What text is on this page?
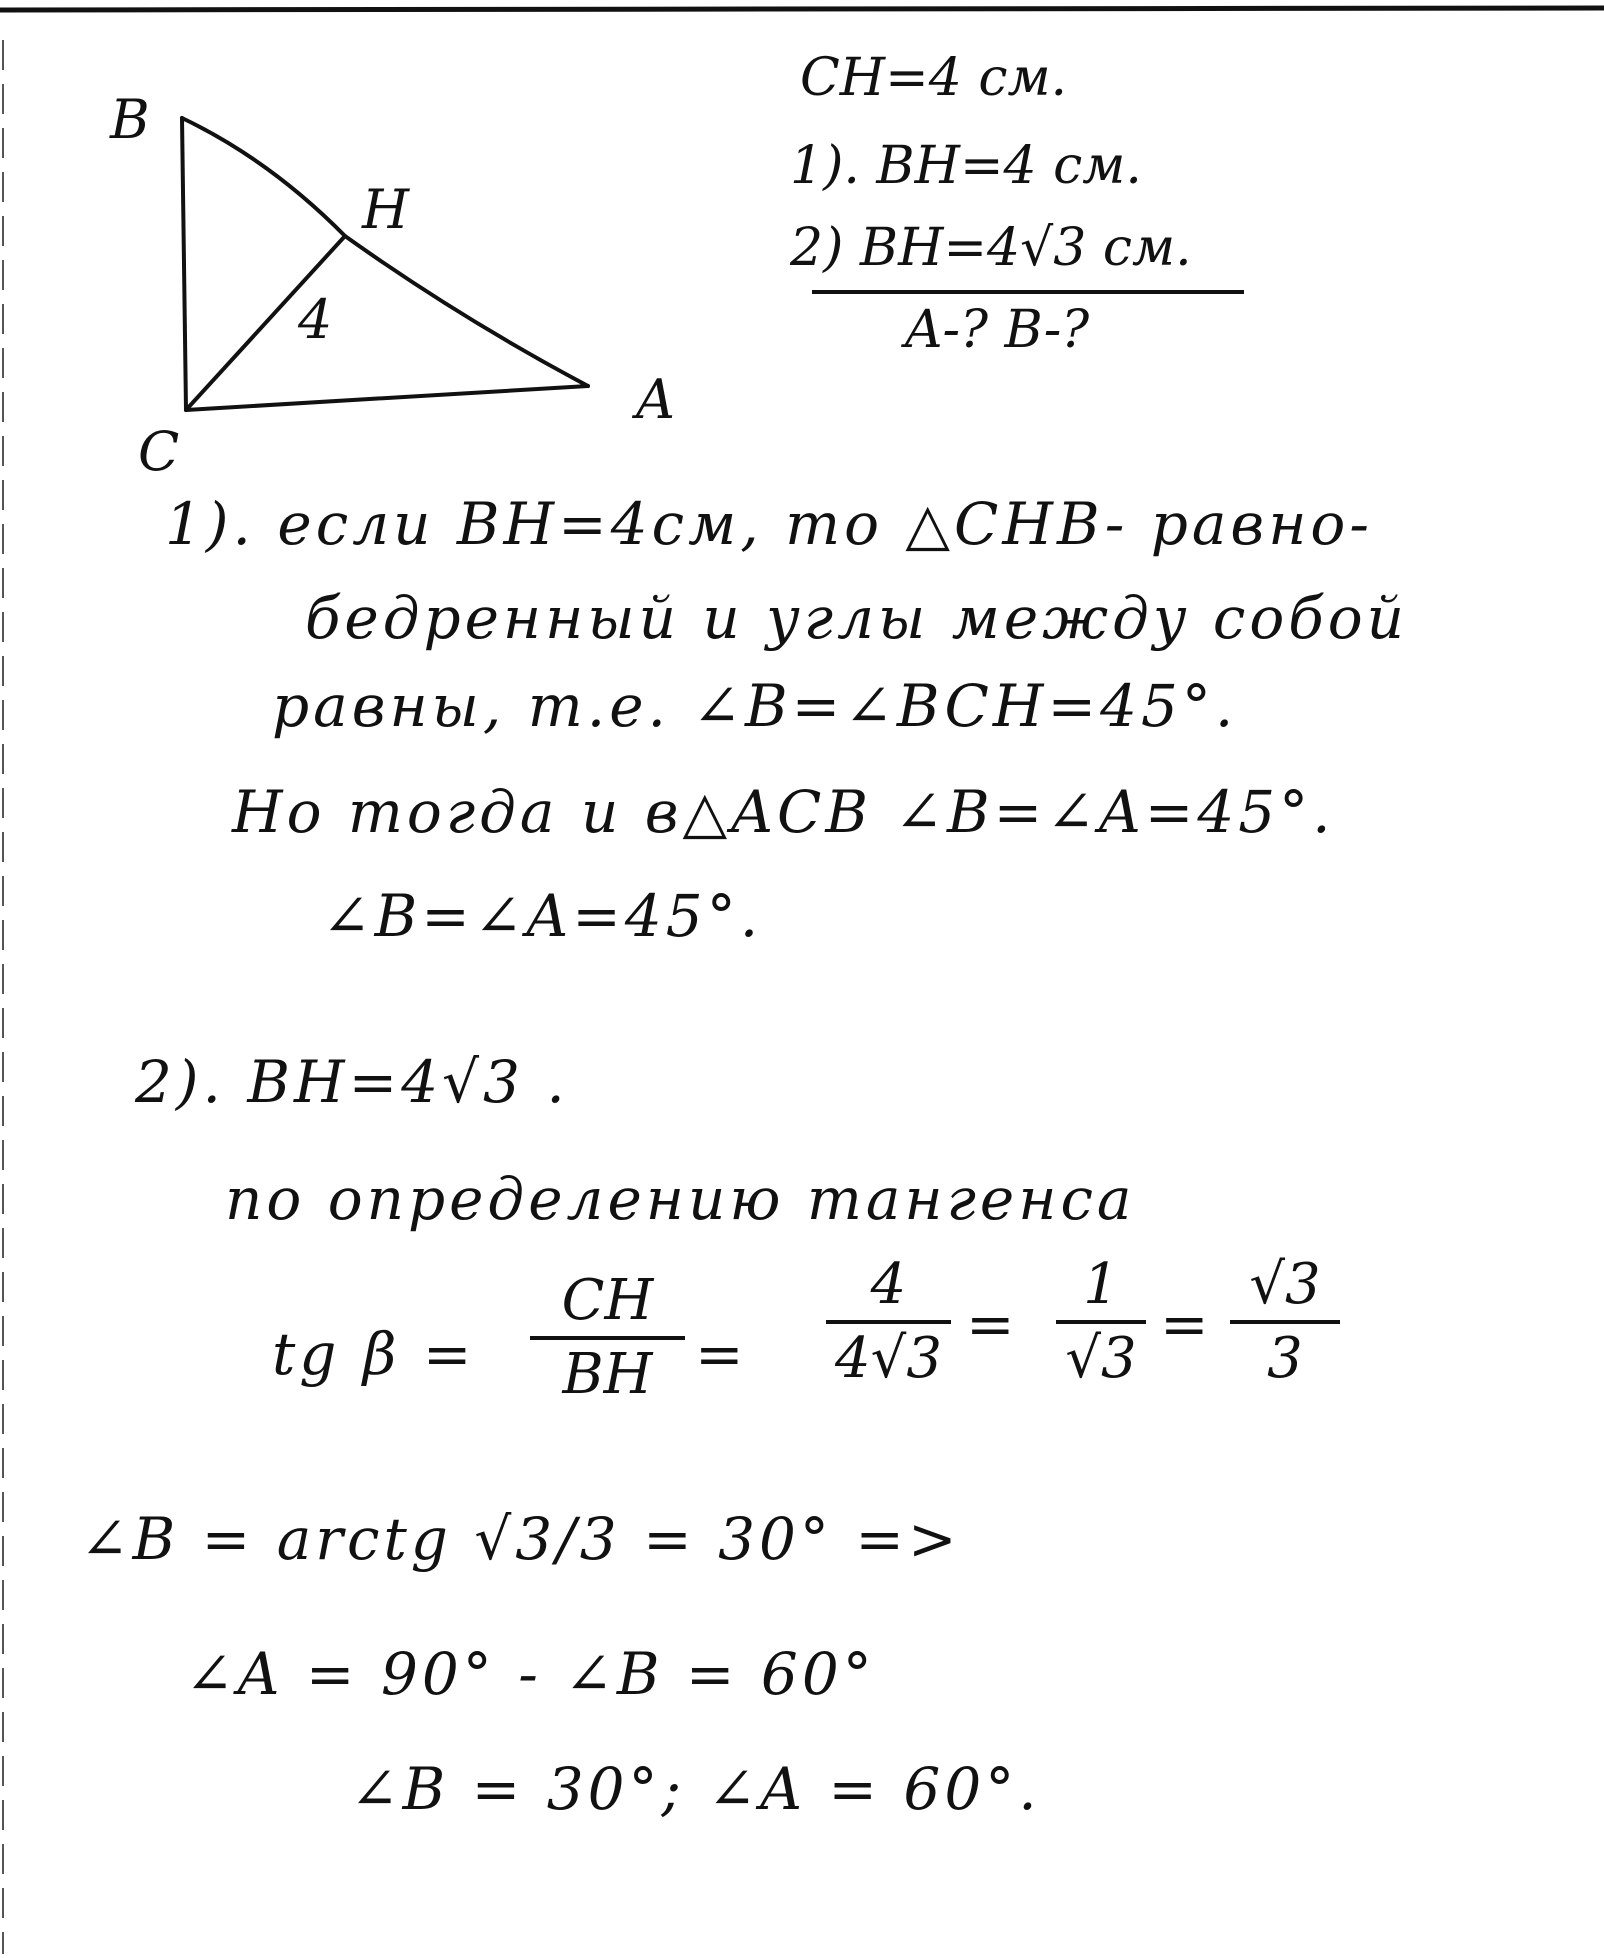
B
H
C
A
4
CH=4 см.
1). BH=4 см.
2) BH=4√3 см.
A-? B-?
1). если BH=4см, то △CHB- равно-
бедренный и углы между собой
равны, т.е. ∠B=∠BCH=45°.
Но тогда и в△ACB ∠B=∠A=45°.
∠B=∠A=45°.
2). BH=4√3 .
по определению тангенса
tg β =
CH
BH =
4
4√3
=
1
√3
=
√3
3
∠B = arctg √3/3 = 30° =>
∠A = 90° - ∠B = 60°
∠B = 30°; ∠A = 60°.
